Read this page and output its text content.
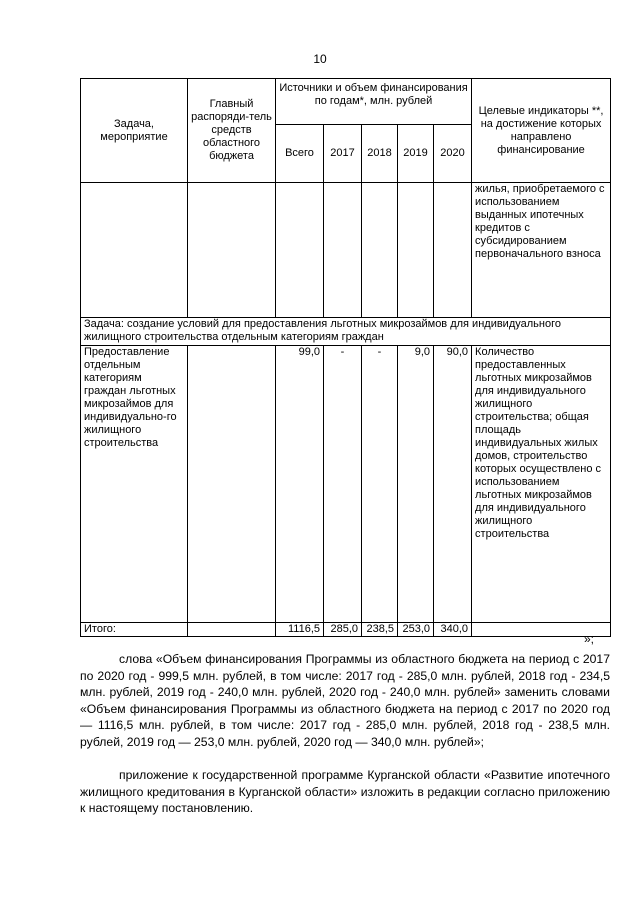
10
Задача, мероприятие	Главный распоряди-тель средств областного бюджета	Источники и объем финансирования по годам*, млн. рублей					Целевые индикаторы **, на достижение которых направлено финансирование
		Всего	2017	2018	2019	2020	
							жилья, приобретаемого с использованием выданных ипотечных кредитов с субсидированием первоначального взноса
Задача: создание условий для предоставления льготных микрозаймов для индивидуального жилищного строительства отдельным категориям граждан							
Предоставление отдельным категориям граждан льготных микрозаймов для индивидуально-го жилищного строительства		99,0	-	-	9,0	90,0	Количество предоставленных льготных микрозаймов для индивидуального жилищного строительства; общая площадь индивидуальных жилых домов, строительство которых осуществлено с использованием льготных микрозаймов для индивидуального жилищного строительства
Итого:		1116,5	285,0	238,5	253,0	340,0	
»;

слова «Объем финансирования Программы из областного бюджета на период с 2017 по 2020 год - 999,5 млн. рублей, в том числе: 2017 год - 285,0 млн. рублей, 2018 год - 234,5 млн. рублей, 2019 год - 240,0 млн. рублей, 2020 год - 240,0 млн. рублей» заменить словами «Объем финансирования Программы из областного бюджета на период с 2017 по 2020 год — 1116,5 млн. рублей, в том числе: 2017 год - 285,0 млн. рублей, 2018 год - 238,5 млн. рублей, 2019 год — 253,0 млн. рублей, 2020 год — 340,0 млн. рублей»;

приложение к государственной программе Курганской области «Развитие ипотечного жилищного кредитования в Курганской области» изложить в редакции согласно приложению к настоящему постановлению.
